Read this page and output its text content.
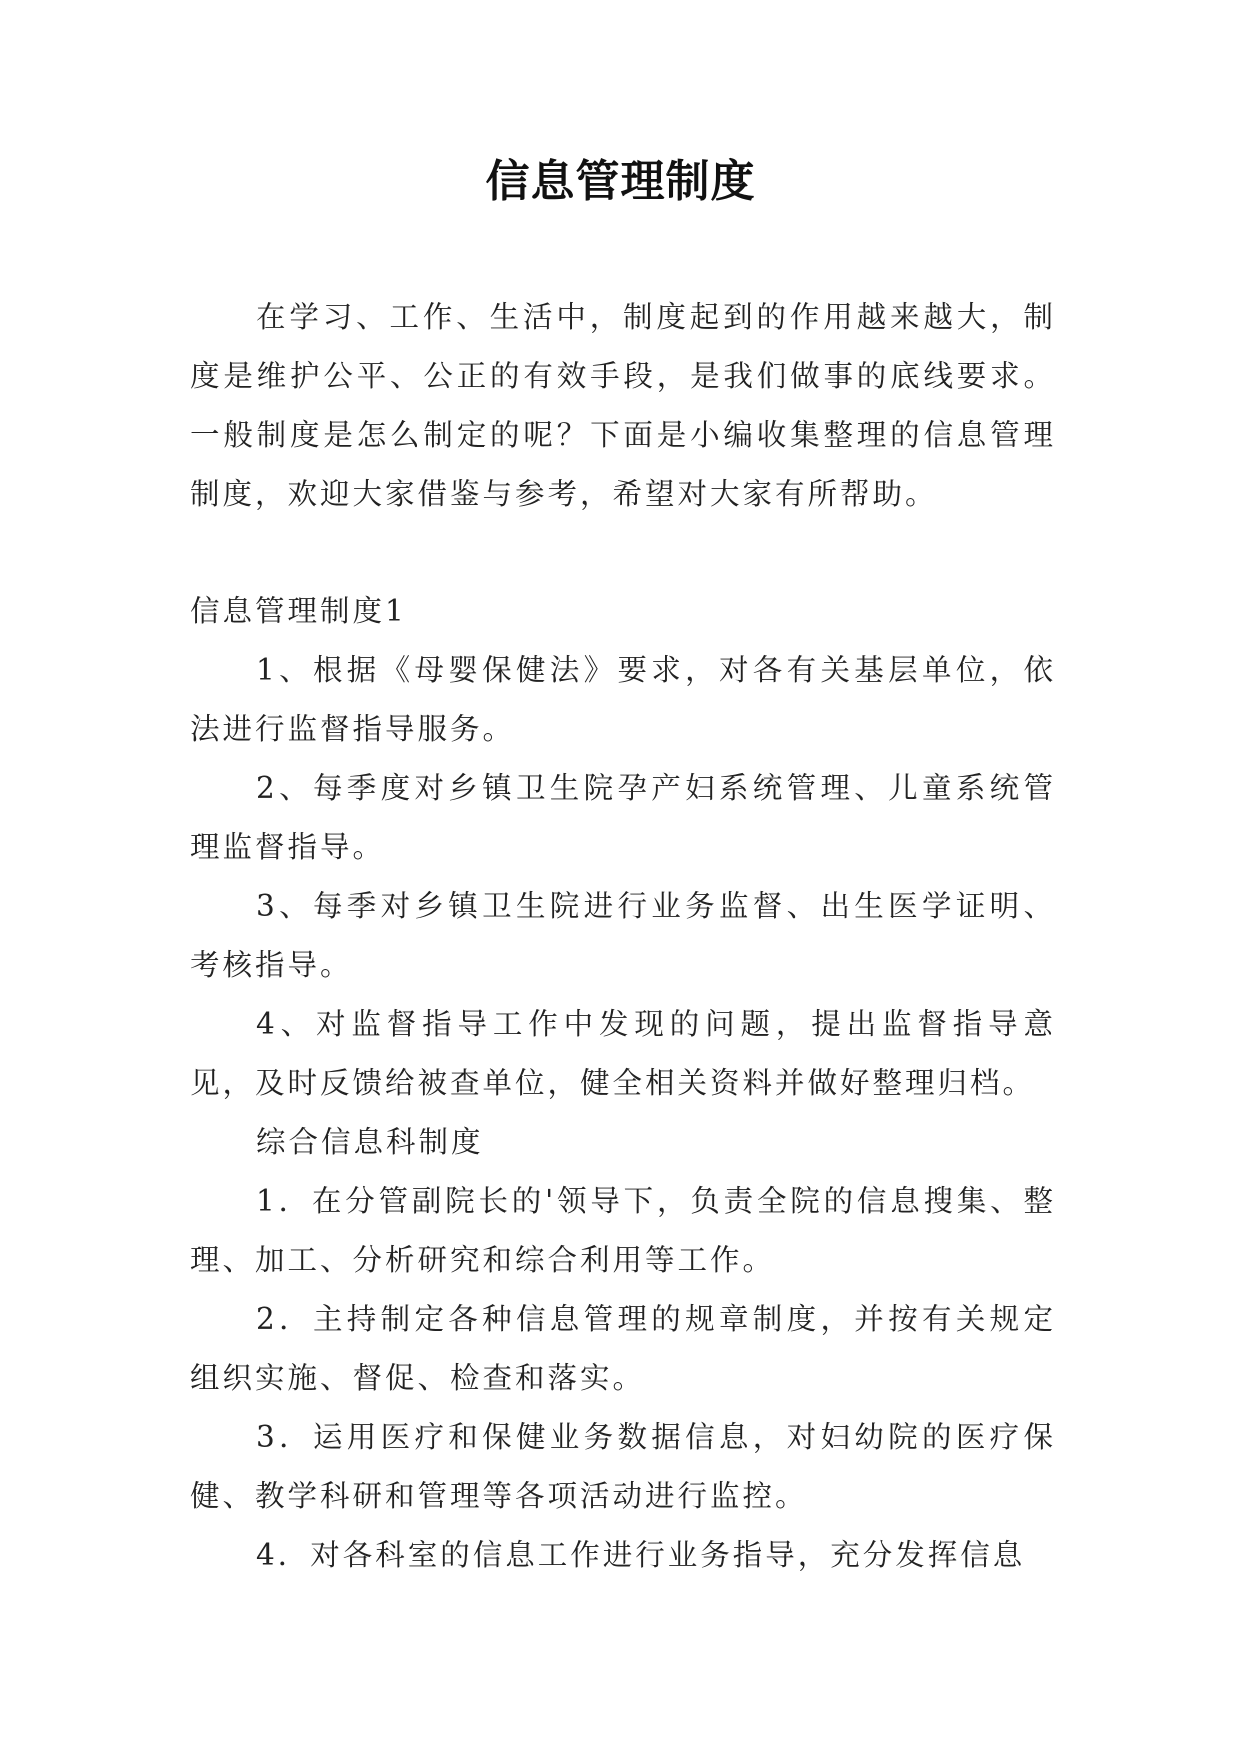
信息管理制度

在学习、工作、生活中，制度起到的作用越来越大，制度是维护公平、公正的有效手段，是我们做事的底线要求。一般制度是怎么制定的呢？下面是小编收集整理的信息管理制度，欢迎大家借鉴与参考，希望对大家有所帮助。

信息管理制度1

1、根据《母婴保健法》要求，对各有关基层单位，依法进行监督指导服务。

2、每季度对乡镇卫生院孕产妇系统管理、儿童系统管理监督指导。

3、每季对乡镇卫生院进行业务监督、出生医学证明、考核指导。

4、对监督指导工作中发现的问题，提出监督指导意见，及时反馈给被查单位，健全相关资料并做好整理归档。

综合信息科制度

1．在分管副院长的'领导下，负责全院的信息搜集、整理、加工、分析研究和综合利用等工作。

2．主持制定各种信息管理的规章制度，并按有关规定组织实施、督促、检查和落实。

3．运用医疗和保健业务数据信息，对妇幼院的医疗保健、教学科研和管理等各项活动进行监控。

4．对各科室的信息工作进行业务指导，充分发挥信息
